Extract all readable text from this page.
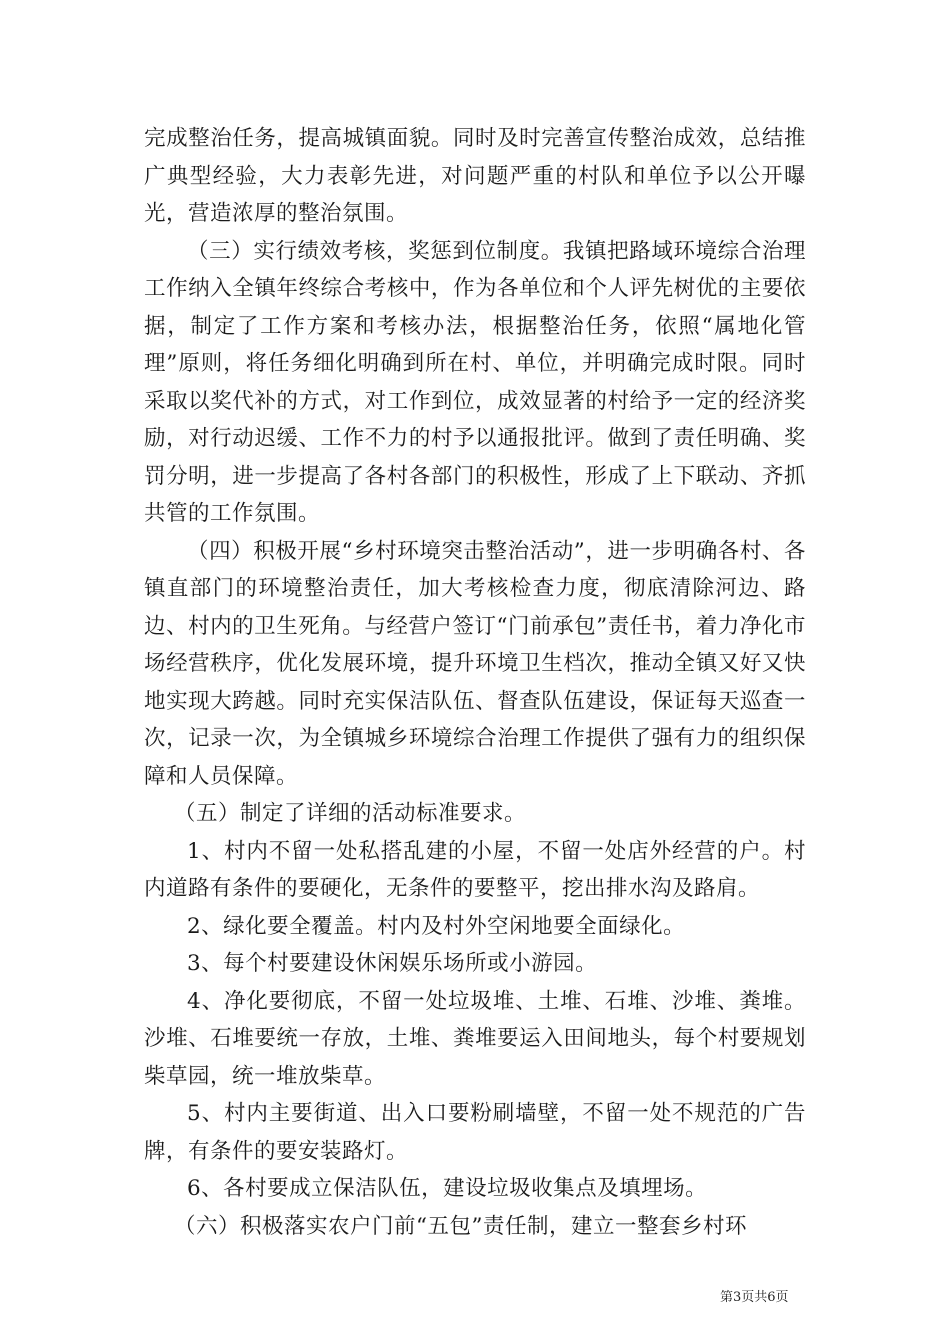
完成整治任务，提高城镇面貌。同时及时完善宣传整治成效，总结推广典型经验，大力表彰先进，对问题严重的村队和单位予以公开曝光，营造浓厚的整治氛围。

（三）实行绩效考核，奖惩到位制度。我镇把路域环境综合治理工作纳入全镇年终综合考核中，作为各单位和个人评先树优的主要依据，制定了工作方案和考核办法，根据整治任务，依照“属地化管理”原则，将任务细化明确到所在村、单位，并明确完成时限。同时采取以奖代补的方式，对工作到位，成效显著的村给予一定的经济奖励，对行动迟缓、工作不力的村予以通报批评。做到了责任明确、奖罚分明，进一步提高了各村各部门的积极性，形成了上下联动、齐抓共管的工作氛围。

（四）积极开展“乡村环境突击整治活动”，进一步明确各村、各镇直部门的环境整治责任，加大考核检查力度，彻底清除河边、路边、村内的卫生死角。与经营户签订“门前承包”责任书，着力净化市场经营秩序，优化发展环境，提升环境卫生档次，推动全镇又好又快地实现大跨越。同时充实保洁队伍、督查队伍建设，保证每天巡查一次，记录一次，为全镇城乡环境综合治理工作提供了强有力的组织保障和人员保障。

（五）制定了详细的活动标准要求。

1、村内不留一处私搭乱建的小屋，不留一处店外经营的户。村内道路有条件的要硬化，无条件的要整平，挖出排水沟及路肩。

2、绿化要全覆盖。村内及村外空闲地要全面绿化。

3、每个村要建设休闲娱乐场所或小游园。

4、净化要彻底，不留一处垃圾堆、土堆、石堆、沙堆、粪堆。沙堆、石堆要统一存放，土堆、粪堆要运入田间地头，每个村要规划柴草园，统一堆放柴草。

5、村内主要街道、出入口要粉刷墙壁，不留一处不规范的广告牌，有条件的要安装路灯。

6、各村要成立保洁队伍，建设垃圾收集点及填埋场。

（六）积极落实农户门前“五包”责任制，建立一整套乡村环

第3页共6页
